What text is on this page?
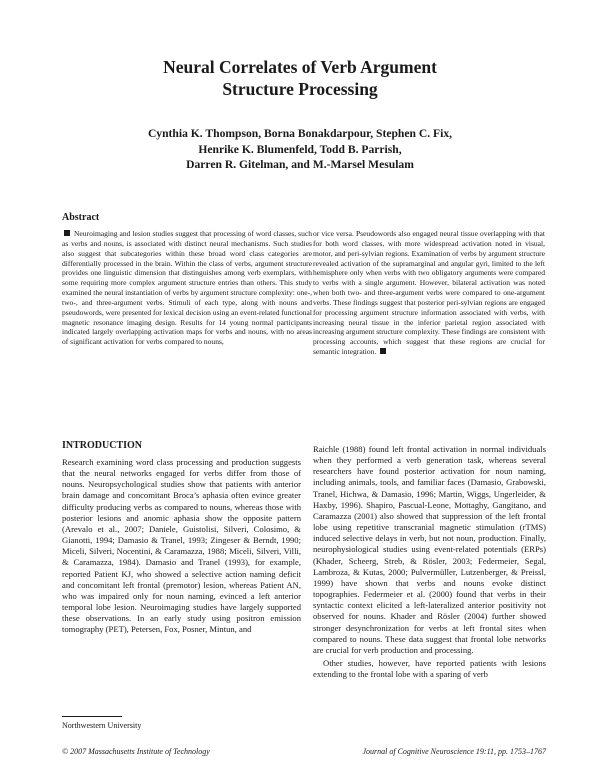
Neural Correlates of Verb Argument
Structure Processing
Cynthia K. Thompson, Borna Bonakdarpour, Stephen C. Fix,
Henrike K. Blumenfeld, Todd B. Parrish,
Darren R. Gitelman, and M.-Marsel Mesulam
Abstract
Neuroimaging and lesion studies suggest that processing of word classes, such as verbs and nouns, is associated with distinct neural mechanisms. Such studies also suggest that subcategories within these broad word class categories are differentially processed in the brain. Within the class of verbs, argument structure provides one linguistic dimension that distinguishes among verb exemplars, with some requiring more complex argument structure entries than others. This study examined the neural instantiation of verbs by argument structure complexity: one-, two-, and three-argument verbs. Stimuli of each type, along with nouns and pseudowords, were presented for lexical decision using an event-related functional magnetic resonance imaging design. Results for 14 young normal participants indicated largely overlapping activation maps for verbs and nouns, with no areas of significant activation for verbs compared to nouns,
or vice versa. Pseudowords also engaged neural tissue overlapping with that for both word classes, with more widespread activation noted in visual, motor, and peri-sylvian regions. Examination of verbs by argument structure revealed activation of the supramarginal and angular gyri, limited to the left hemisphere only when verbs with two obligatory arguments were compared to verbs with a single argument. However, bilateral activation was noted when both two- and three-argument verbs were compared to one-argument verbs. These findings suggest that posterior peri-sylvian regions are engaged for processing argument structure information associated with verbs, with increasing neural tissue in the inferior parietal region associated with increasing argument structure complexity. These findings are consistent with processing accounts, which suggest that these regions are crucial for semantic integration.
INTRODUCTION

Research examining word class processing and production suggests that the neural networks engaged for verbs differ from those of nouns. Neuropsychological studies show that patients with anterior brain damage and concomitant Broca’s aphasia often evince greater difficulty producing verbs as compared to nouns, whereas those with posterior lesions and anomic aphasia show the opposite pattern (Arevalo et al., 2007; Daniele, Guistolisi, Silveri, Colosimo, & Gianotti, 1994; Damasio & Tranel, 1993; Zingeser & Berndt, 1990; Miceli, Silveri, Nocentini, & Caramazza, 1988; Miceli, Silveri, Villi, & Caramazza, 1984). Damasio and Tranel (1993), for example, reported Patient KJ, who showed a selective action naming deficit and concomitant left frontal (premotor) lesion, whereas Patient AN, who was impaired only for noun naming, evinced a left anterior temporal lobe lesion. Neuroimaging studies have largely supported these observations. In an early study using positron emission tomography (PET), Petersen, Fox, Posner, Mintun, and

Raichle (1988) found left frontal activation in normal individuals when they performed a verb generation task, whereas several researchers have found posterior activation for noun naming, including animals, tools, and familiar faces (Damasio, Grabowski, Tranel, Hichwa, & Damasio, 1996; Martin, Wiggs, Ungerleider, & Haxby, 1996). Shapiro, Pascual-Leone, Mottaghy, Gangitano, and Caramazza (2001) also showed that suppression of the left frontal lobe using repetitive transcranial magnetic stimulation (rTMS) induced selective delays in verb, but not noun, production. Finally, neurophysiological studies using event-related potentials (ERPs) (Khader, Scheerg, Streb, & Rösler, 2003; Federmeier, Segal, Lambroza, & Kutas, 2000; Pulvermüller, Lutzenberger, & Preissl, 1999) have shown that verbs and nouns evoke distinct topographies. Federmeier et al. (2000) found that verbs in their syntactic context elicited a left-lateralized anterior positivity not observed for nouns. Khader and Rösler (2004) further showed stronger desynchronization for verbs at left frontal sites when compared to nouns. These data suggest that frontal lobe networks are crucial for verb production and processing.

Other studies, however, have reported patients with lesions extending to the frontal lobe with a sparing of verb

Northwestern University
© 2007 Massachusetts Institute of Technology	Journal of Cognitive Neuroscience 19:11, pp. 1753–1767
